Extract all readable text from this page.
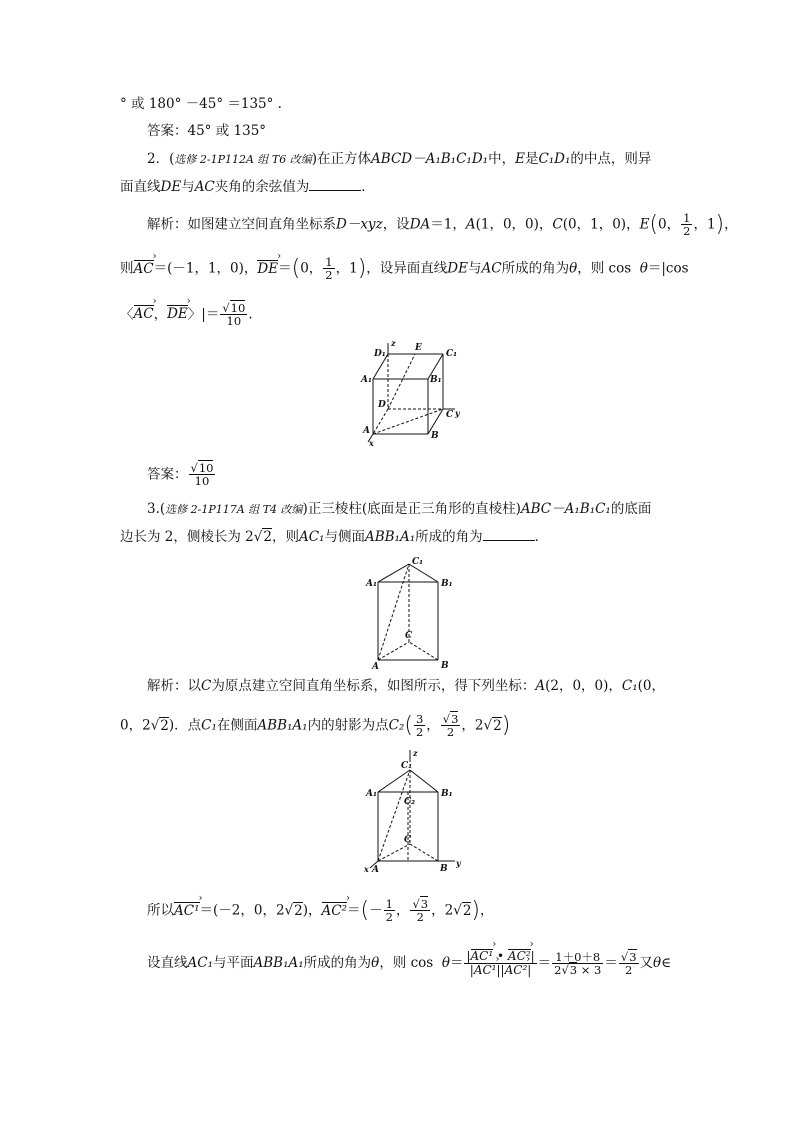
° 或 180° －45° ＝135° .
答案：45° 或 135°
2．(选修 2-1P112A 组 T6 改编)在正方体ABCD－A₁B₁C₁D₁中，E是C₁D₁的中点，则异
面直线DE与AC夹角的余弦值为	．
解析：如图建立空间直角坐标系D－xyz，设DA＝1，A(1，0，0)，C(0，1，0)，E(0， $\frac{1}{2}$ ，1)，
则AC ›＝(－1，1，0)，DE ›＝(0， $\frac{1}{2}$ ，1)，设异面直线DE与AC所成的角为θ，则 cos θ＝|cos
〈AC ›，DE ›〉|＝ $\frac{√10}{10}$ .
z
y
x
D₁
E
C₁
A₁	B₁
D
C
A	B
答案： $\frac{√10}{10}$
3.(选修 2-1P117A 组 T4 改编)正三棱柱(底面是正三角形的直棱柱)ABC－A₁B₁C₁的底面
边长为 2，侧棱长为 2√2，则AC₁与侧面ABB₁A₁所成的角为	．
C₁
A₁	B₁
C
A	B
解析：以C为原点建立空间直角坐标系，如图所示，得下列坐标：A(2，0，0)，C₁(0，
0，2√2)．点C₁在侧面ABB₁A₁内的射影为点$C_2( \frac{3}{2}$ ， $\frac{√3}{2}$ ，2√2)
z
C₁
A₁	B₁
C₂
C
A	B
x
y
所以AC¹ ›＝(－2，0，2√2)，AC² ›＝(－ $\frac{1}{2}$ ， $\frac{√3}{2}$ ，2√2)，
设直线AC₁与平面ABB₁A₁所成的角为θ，则 $\cos \theta= \frac{\text{|AC¹ › • AC² ›|}}{\text{|AC¹ ›||AC² ›|}} = \frac{1+0+8}{2√3 \times 3} = \frac{√3}{2}$ 又θ∈
